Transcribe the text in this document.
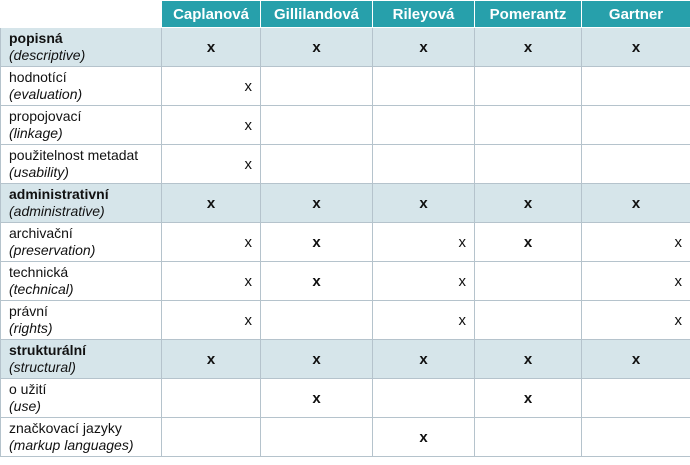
	Caplanová	Gillilandová	Rileyová	Pomerantz	Gartner

popisná
(descriptive)	x	x	x	x	x

hodnotící
(evaluation)	x				

propojovací
(linkage)	x				

použitelnost metadat
(usability)	x				

administrativní
(administrative)	x	x	x	x	x

archivační
(preservation)	x	x	x	x	x

technická
(technical)	x	x	x		x

právní
(rights)	x		x		x

strukturální
(structural)	x	x	x	x	x

o užití
(use)		x		x	

značkovací jazyky
(markup languages)			x		
